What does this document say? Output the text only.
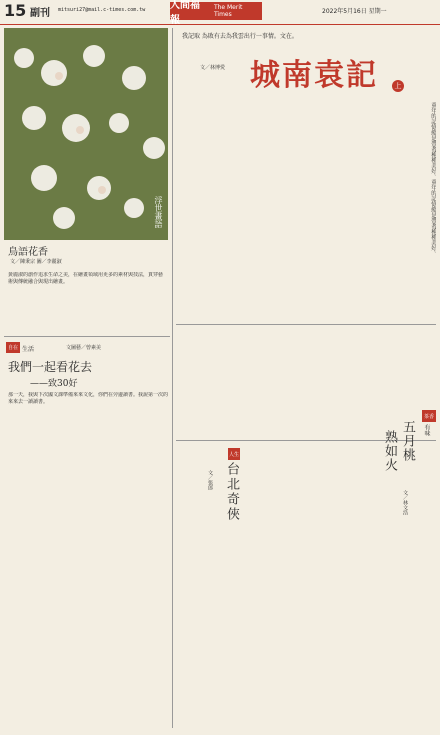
15 副刊 mitsuri27@mail.c-times.com.tw 人間福報
The Merit Times	2022年5月16日 星期一
浮世畫語
鳥語花香
文／陳秉宗 圖／李麗淑
黃麗淑的創作追求生命之美，在繪畫領域用更多的素材與技法，貫穿藝術與傳統融合與現出繪畫。
自在 生活	文圖藝／曾素美
我們一起看花去
——致30好
那一天，我與下次國文課準備來來文化，你們在旁邊讀書。我說第一次的來來去一讀讀書。
我記取 為敗有去為我雲出行一事情。文在。
文／林博愛 城南袁記	上
童年的記憶總是帶著種種美好。童年的記憶總是帶著種種美好。
人生
台北奇俠
文／張郎
茶香
有味
五月桃
熟如火
文／林文浩
